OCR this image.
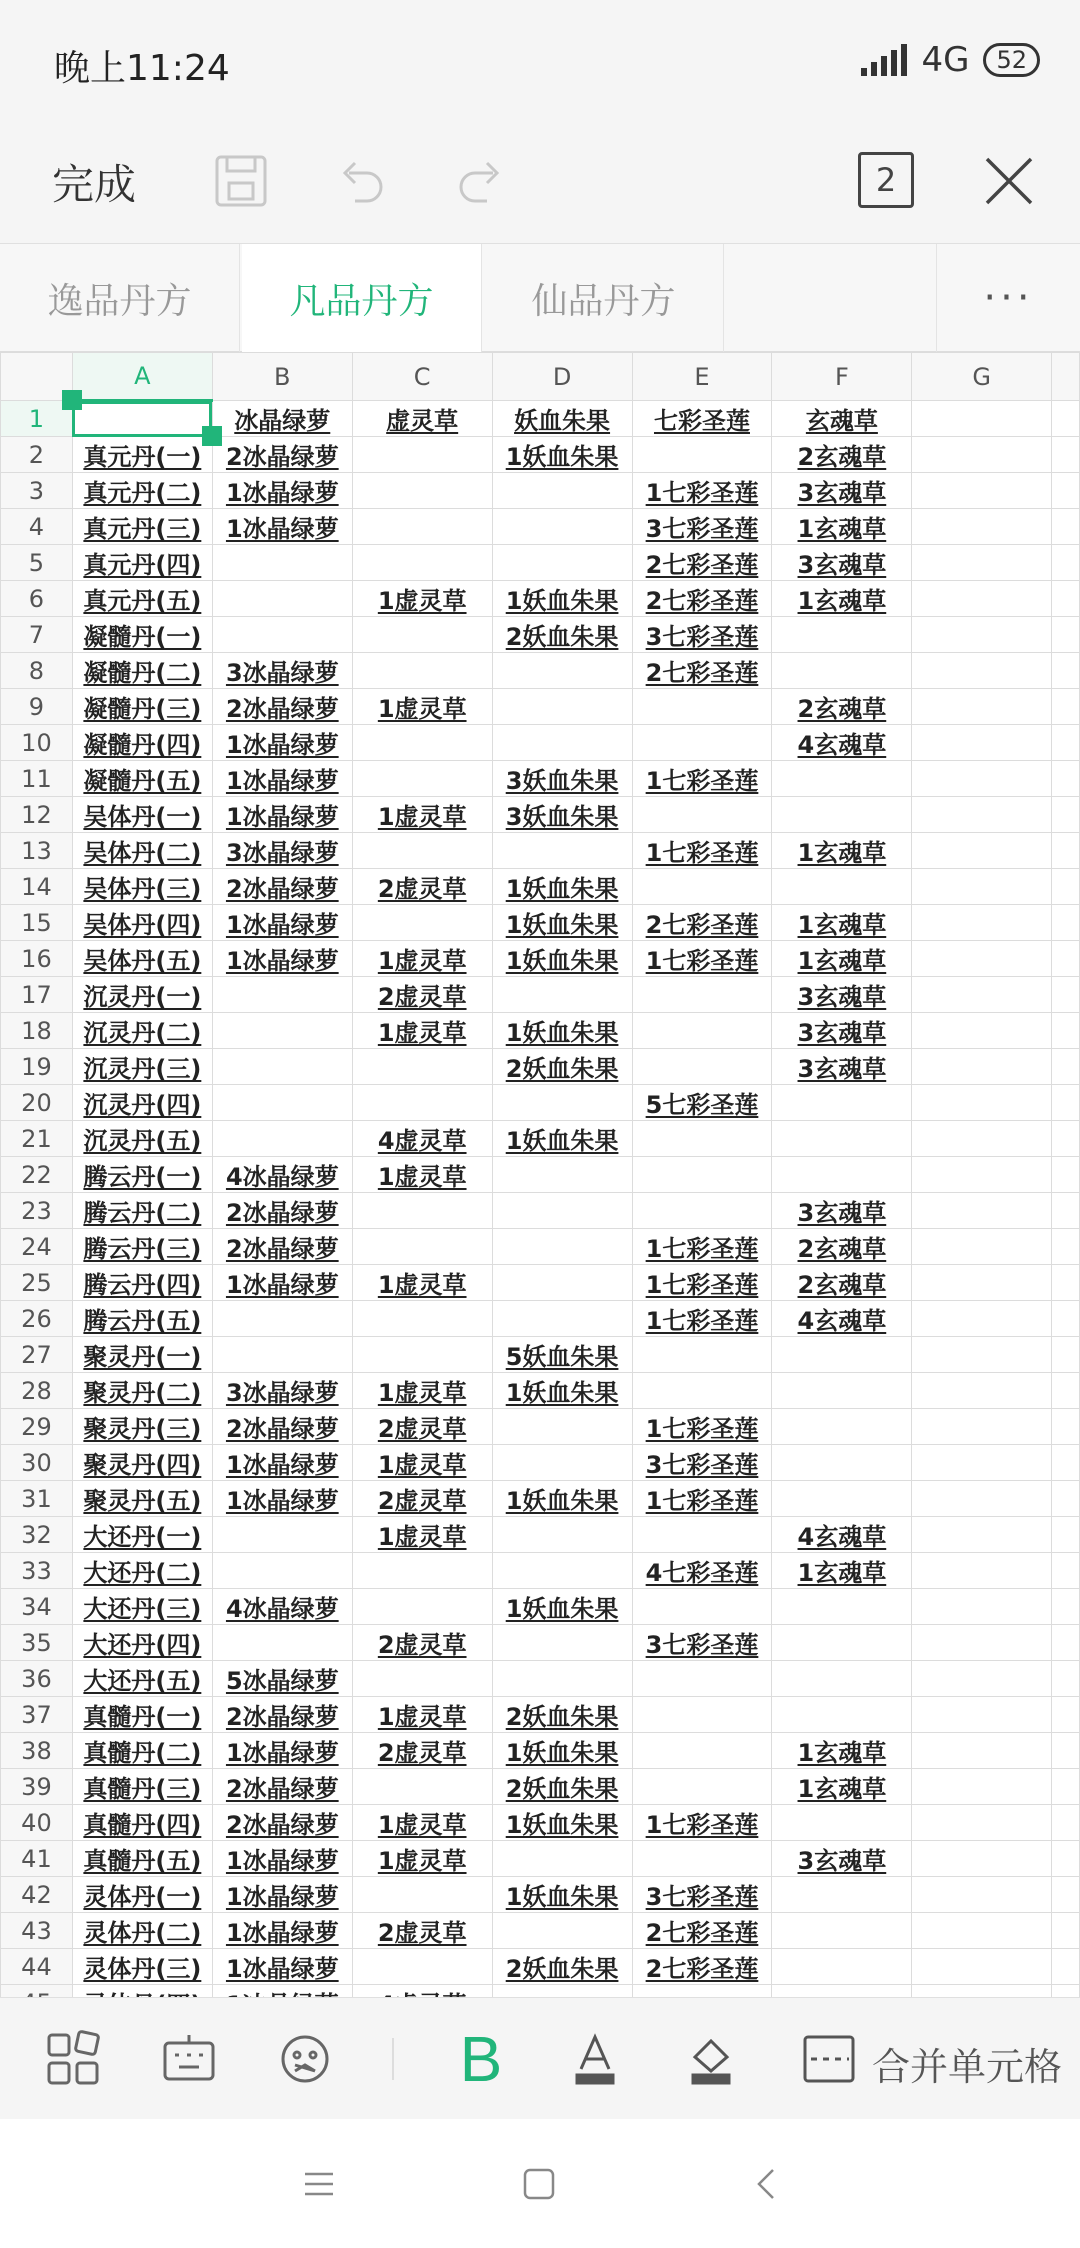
晚上11:24	4G	52
完成	2
逸品丹方	凡品丹方	仙品丹方	···
	A	B	C	D	E	F	G	
1		冰晶绿萝	虚灵草	妖血朱果	七彩圣莲	玄魂草		
2	真元丹(一)	2冰晶绿萝		1妖血朱果		2玄魂草		
3	真元丹(二)	1冰晶绿萝			1七彩圣莲	3玄魂草		
4	真元丹(三)	1冰晶绿萝			3七彩圣莲	1玄魂草		
5	真元丹(四)				2七彩圣莲	3玄魂草		
6	真元丹(五)		1虚灵草	1妖血朱果	2七彩圣莲	1玄魂草		
7	凝髓丹(一)			2妖血朱果	3七彩圣莲			
8	凝髓丹(二)	3冰晶绿萝			2七彩圣莲			
9	凝髓丹(三)	2冰晶绿萝	1虚灵草			2玄魂草		
10	凝髓丹(四)	1冰晶绿萝				4玄魂草		
11	凝髓丹(五)	1冰晶绿萝		3妖血朱果	1七彩圣莲			
12	吴体丹(一)	1冰晶绿萝	1虚灵草	3妖血朱果				
13	吴体丹(二)	3冰晶绿萝			1七彩圣莲	1玄魂草		
14	吴体丹(三)	2冰晶绿萝	2虚灵草	1妖血朱果				
15	吴体丹(四)	1冰晶绿萝		1妖血朱果	2七彩圣莲	1玄魂草		
16	吴体丹(五)	1冰晶绿萝	1虚灵草	1妖血朱果	1七彩圣莲	1玄魂草		
17	沉灵丹(一)		2虚灵草			3玄魂草		
18	沉灵丹(二)		1虚灵草	1妖血朱果		3玄魂草		
19	沉灵丹(三)			2妖血朱果		3玄魂草		
20	沉灵丹(四)				5七彩圣莲			
21	沉灵丹(五)		4虚灵草	1妖血朱果				
22	腾云丹(一)	4冰晶绿萝	1虚灵草					
23	腾云丹(二)	2冰晶绿萝				3玄魂草		
24	腾云丹(三)	2冰晶绿萝			1七彩圣莲	2玄魂草		
25	腾云丹(四)	1冰晶绿萝	1虚灵草		1七彩圣莲	2玄魂草		
26	腾云丹(五)				1七彩圣莲	4玄魂草		
27	聚灵丹(一)			5妖血朱果				
28	聚灵丹(二)	3冰晶绿萝	1虚灵草	1妖血朱果				
29	聚灵丹(三)	2冰晶绿萝	2虚灵草		1七彩圣莲			
30	聚灵丹(四)	1冰晶绿萝	1虚灵草		3七彩圣莲			
31	聚灵丹(五)	1冰晶绿萝	2虚灵草	1妖血朱果	1七彩圣莲			
32	大还丹(一)		1虚灵草			4玄魂草		
33	大还丹(二)				4七彩圣莲	1玄魂草		
34	大还丹(三)	4冰晶绿萝		1妖血朱果				
35	大还丹(四)		2虚灵草		3七彩圣莲			
36	大还丹(五)	5冰晶绿萝						
37	真髓丹(一)	2冰晶绿萝	1虚灵草	2妖血朱果				
38	真髓丹(二)	1冰晶绿萝	2虚灵草	1妖血朱果		1玄魂草		
39	真髓丹(三)	2冰晶绿萝		2妖血朱果		1玄魂草		
40	真髓丹(四)	2冰晶绿萝	1虚灵草	1妖血朱果	1七彩圣莲			
41	真髓丹(五)	1冰晶绿萝	1虚灵草			3玄魂草		
42	灵体丹(一)	1冰晶绿萝		1妖血朱果	3七彩圣莲			
43	灵体丹(二)	1冰晶绿萝	2虚灵草		2七彩圣莲			
44	灵体丹(三)	1冰晶绿萝		2妖血朱果	2七彩圣莲			

B	合并单元格
